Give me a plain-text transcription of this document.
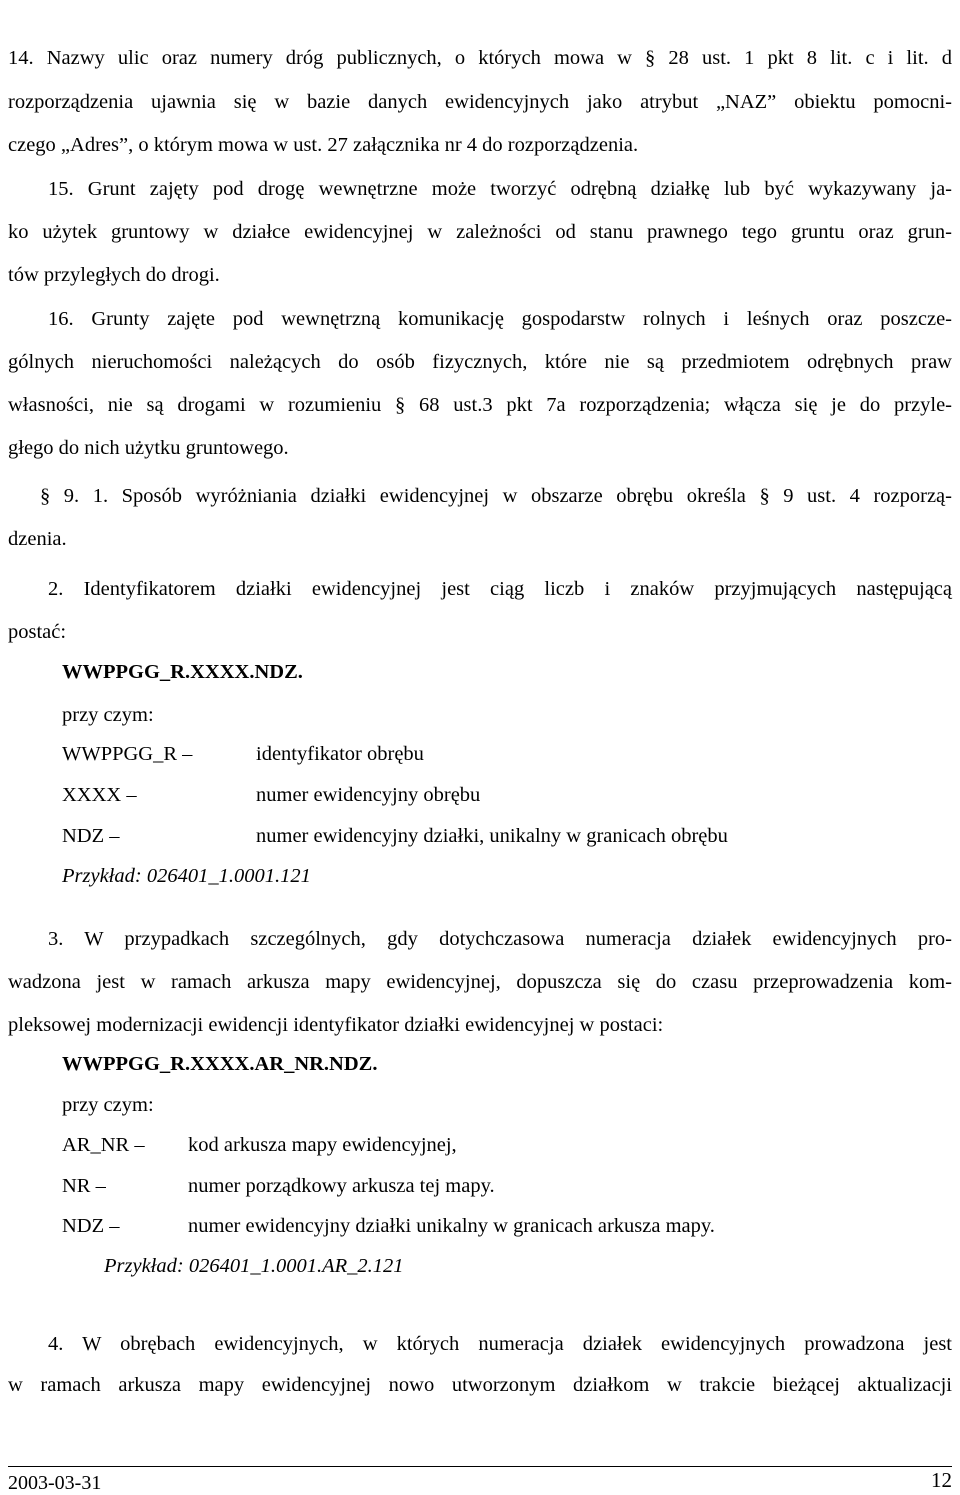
14. Nazwy ulic oraz numery dróg publicznych, o których mowa w § 28 ust. 1 pkt 8 lit. c i lit. d
rozporządzenia ujawnia się w bazie danych ewidencyjnych jako atrybut „NAZ” obiektu pomocni-
czego „Adres”, o którym mowa w ust. 27 załącznika nr 4 do rozporządzenia.
15. Grunt zajęty pod drogę wewnętrzne może tworzyć odrębną działkę lub być wykazywany ja-
ko użytek gruntowy w działce ewidencyjnej w zależności od stanu prawnego tego gruntu oraz grun-
tów przyległych do drogi.
16. Grunty zajęte pod wewnętrzną komunikację gospodarstw rolnych i leśnych oraz poszcze-
gólnych nieruchomości należących do osób fizycznych, które nie są przedmiotem odrębnych praw
własności, nie są drogami w rozumieniu § 68 ust.3 pkt 7a rozporządzenia; włącza się je do przyle-
głego do nich użytku gruntowego.
§ 9. 1. Sposób wyróżniania działki ewidencyjnej w obszarze obrębu określa § 9 ust. 4 rozporzą-
dzenia.
2. Identyfikatorem działki ewidencyjnej jest ciąg liczb i znaków przyjmujących następującą
postać:
WWPPGG_R.XXXX.NDZ.
przy czym:
WWPPGG_R –	identyfikator obrębu
XXXX –	numer ewidencyjny obrębu
NDZ –	numer ewidencyjny działki, unikalny w granicach obrębu
Przykład: 026401_1.0001.121
3. W przypadkach szczególnych, gdy dotychczasowa numeracja działek ewidencyjnych pro-
wadzona jest w ramach arkusza mapy ewidencyjnej, dopuszcza się do czasu przeprowadzenia kom-
pleksowej modernizacji ewidencji identyfikator działki ewidencyjnej w postaci:
WWPPGG_R.XXXX.AR_NR.NDZ.
przy czym:
AR_NR – kod arkusza mapy ewidencyjnej,
NR –	numer porządkowy arkusza tej mapy.
NDZ –	numer ewidencyjny działki unikalny w granicach arkusza mapy.
Przykład: 026401_1.0001.AR_2.121
4. W obrębach ewidencyjnych, w których numeracja działek ewidencyjnych prowadzona jest
w ramach arkusza mapy ewidencyjnej nowo utworzonym działkom w trakcie bieżącej aktualizacji
2003-03-31	12
